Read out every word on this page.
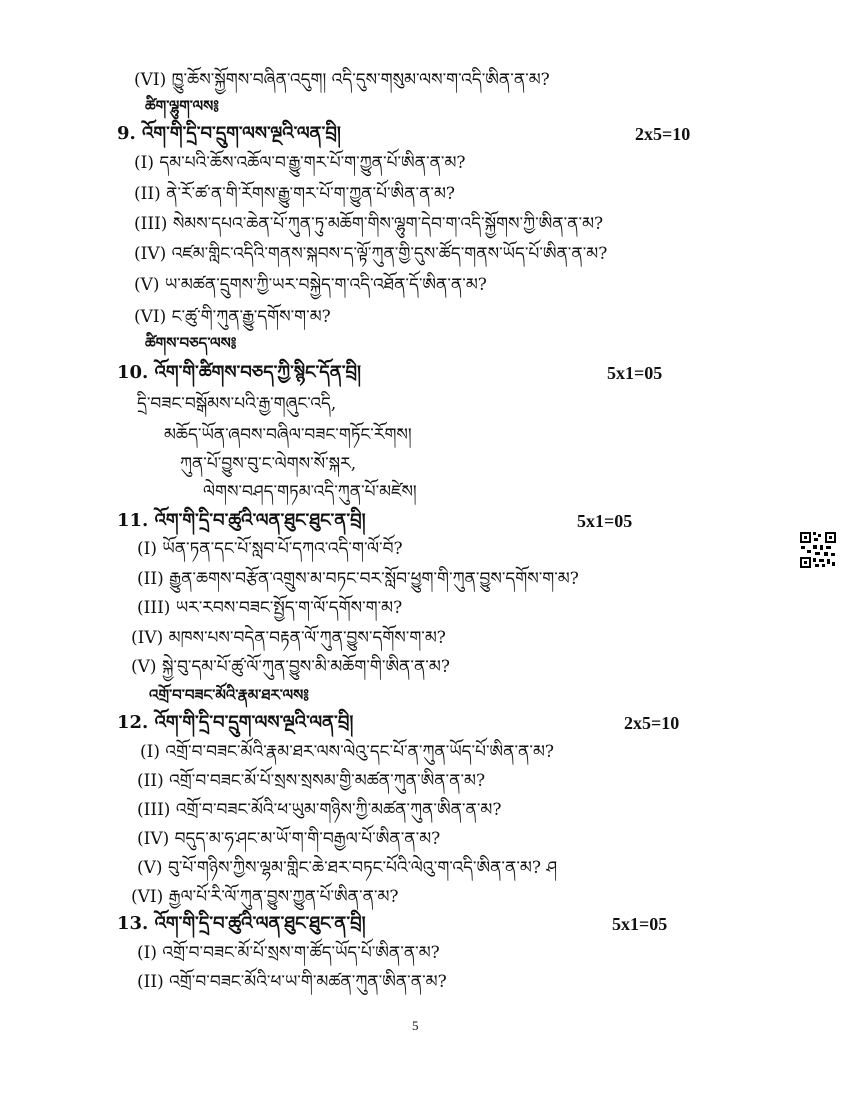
(VI) ཁྱུ་ཆོས་སྐྱོགས་བཞིན་འདུག། འདི་དུས་གསུམ་ལས་ག་འདི་ཨིན་ན་མ?
ཚིག་ལྷུག་ལས༔
9. འོག་གི་དྲི་བ་དྲུག་ལས་ལྔའི་ལན་བྲི།	2x5=10
(I) དམ་པའི་ཆོས་འཆོལ་བ་རྒྱུ་གར་པོ་ག་ཀྱུན་པོ་ཨིན་ན་མ?
(II) ནེ་རོ་ཚ་ན་གི་རོགས་རྒྱུ་གར་པོ་ག་ཀྱུན་པོ་ཨིན་ན་མ?
(III) སེམས་དཔའ་ཆེན་པོ་ཀུན་ཏུ་མཆོག་གིས་ལྷུག་དེབ་ག་འདི་སྐྱོགས་ཀྱི་ཨིན་ན་མ?
(IV) འཛམ་གླིང་འདིའི་གནས་སྐབས་ད་ལྟོ་ཀུན་གྱི་དུས་ཚོད་གནས་ཡོད་པོ་ཨིན་ན་མ?
(V) ཡ་མཚན་དྲུགས་ཀྱི་ཡར་བསྐྱེད་ག་འདི་འཐོན་དོ་ཨིན་ན་མ?
(VI) ང་ཚུ་གི་ཀུན་རྒྱུ་དགོས་ག་མ?
ཚིགས་བཅད་ལས༔
10. འོག་གི་ཚིགས་བཅད་ཀྱི་སྙིང་དོན་བྲི།	5x1=05
དྲི་བཟང་བསྒོམས་པའི་རྒྱ་གཞུང་འདི,
མཆོད་ཡོན་ཞབས་བཞིལ་བཟང་གཏོང་རོགས།
ཀུན་པོ་བྱུས་བུ་ང་ལེགས་སོ་སྐར,
ལེགས་བཤད་གཏམ་འདི་ཀུན་པོ་མཛེས།
11. འོག་གི་དྲི་བ་ཚུའི་ལན་ཐུང་ཐུང་ན་བྲི།	5x1=05
(I) ཡོན་ཏན་དང་པོ་སླབ་པོ་དཀའ་འདི་ག་ལོ་བོ?
(II) རྒྱུན་ཆགས་བརྩོན་འགྲུས་མ་བཏང་བར་སློབ་ཕྱུག་གི་ཀུན་བྱུས་དགོས་ག་མ?
(III) ཡར་རབས་བཟང་སྤྱོད་ག་ལོ་དགོས་ག་མ?
(IV) མཁས་པས་བདེན་བརྟན་ལོ་ཀུན་བྱུས་དགོས་ག་མ?
(V) སྐྱེ་བུ་དམ་པོ་ཚུ་ལོ་ཀུན་བྱུས་མི་མཆོག་གི་ཨིན་ན་མ?
འགྲོ་བ་བཟང་མོའི་རྣམ་ཐར་ལས༔
12. འོག་གི་དྲི་བ་དྲུག་ལས་ལྔའི་ལན་བྲི།	2x5=10
(I) འགྲོ་བ་བཟང་མོའི་རྣམ་ཐར་ལས་ལེའུ་དང་པོ་ན་ཀུན་ཡོད་པོ་ཨིན་ན་མ?
(II) འགྲོ་བ་བཟང་མོ་པོ་སྲས་སྲསམ་གྱི་མཚན་ཀུན་ཨིན་ན་མ?
(III) འགྲོ་བ་བཟང་མོའི་ཕ་ཡུམ་གཉིས་ཀྱི་མཚན་ཀུན་ཨིན་ན་མ?
(IV) བདུད་མ་ཧ་ཤང་མ་ཡོ་ག་གི་བརྒྱལ་པོ་ཨིན་ན་མ?
(V) བུ་པོ་གཉིས་ཀྱིས་ལྷམ་གླིང་ཆེ་ཐར་བཏང་པོའི་ལེའུ་ག་འདི་ཨིན་ན་མ? ཤ
(VI) རྒྱལ་པོ་རི་ལོ་ཀུན་བྱུས་ཀྱུན་པོ་ཨིན་ན་མ?
13. འོག་གི་དྲི་བ་ཚུའི་ལན་ཐུང་ཐུང་ན་བྲི།	5x1=05
(I) འགྲོ་བ་བཟང་མོ་པོ་སྲས་ག་ཚོད་ཡོད་པོ་ཨིན་ན་མ?
(II) འགྲོ་བ་བཟང་མོའི་ཕ་ཡ་གི་མཚན་ཀུན་ཨིན་ན་མ?
5
